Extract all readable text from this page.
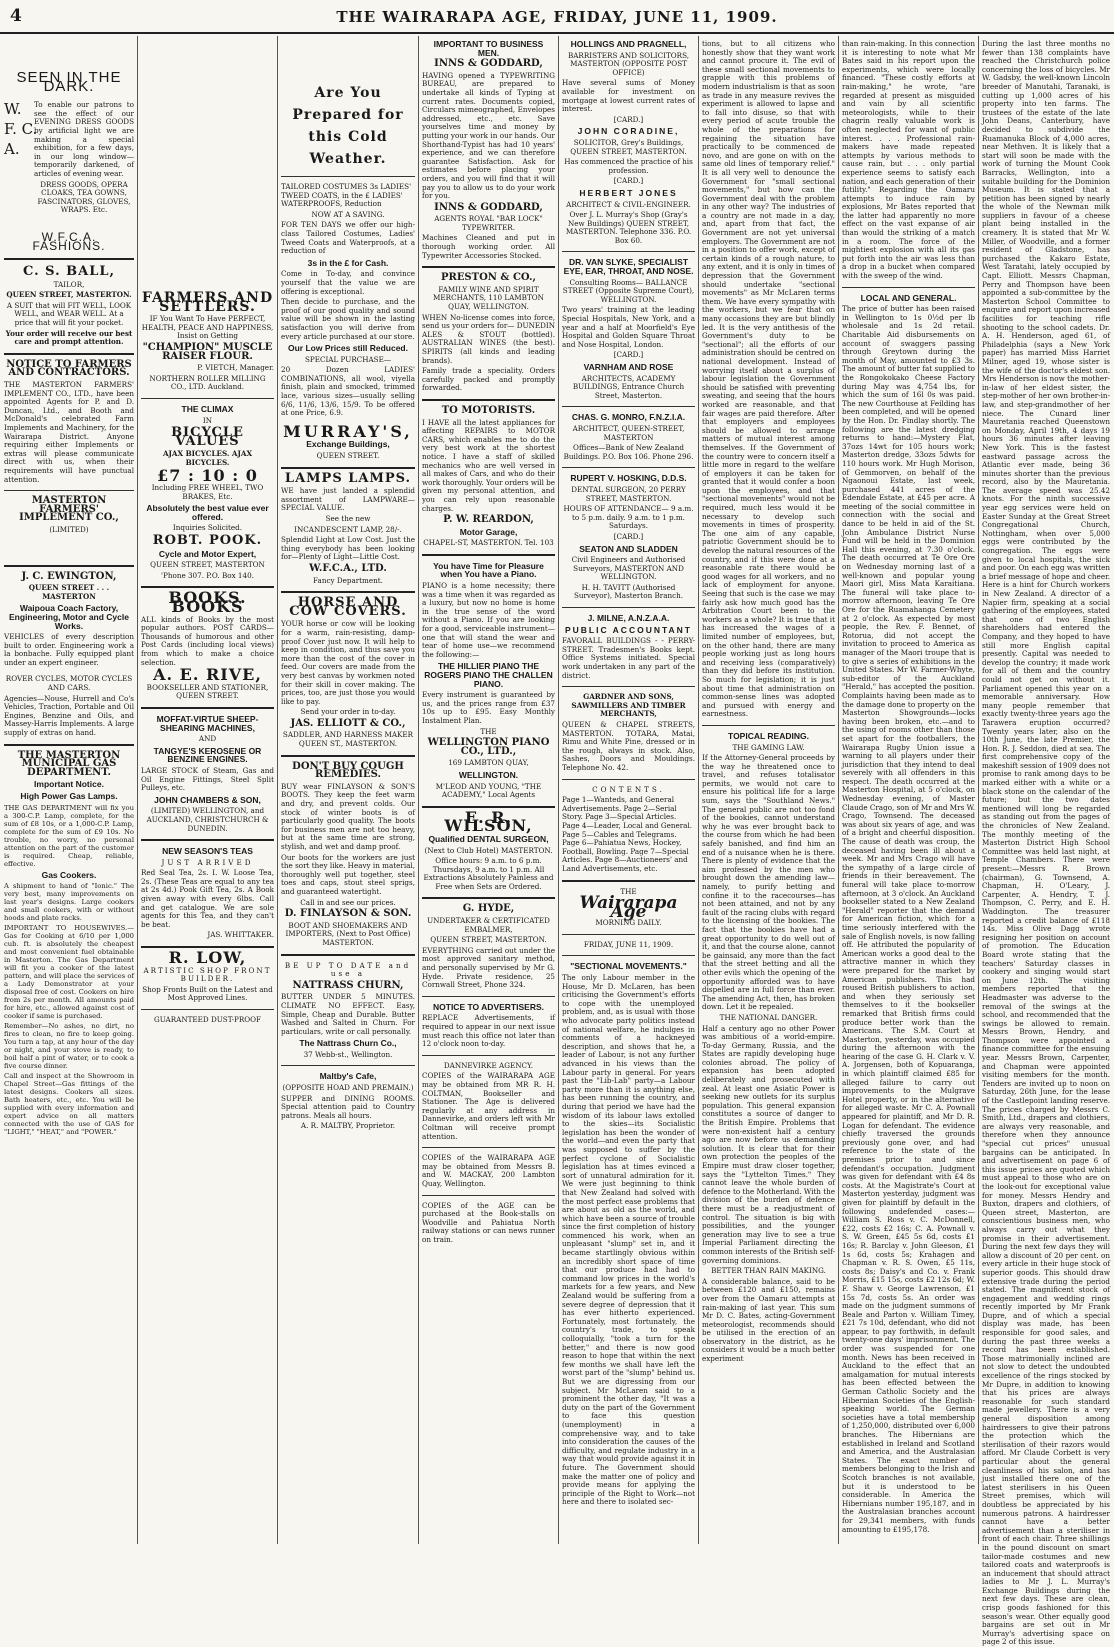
4	THE WAIRARAPA AGE, FRIDAY, JUNE 11, 1909.
SEEN IN THE DARK.
W.
F. C.
A.
To enable our patrons to see the effect of our EVENING DRESS GOODS by artificial light we are making a special exhibition, for a few days, in our long window—temporarily darkened, of articles of evening wear.
DRESS GOODS, OPERA CLOAKS, TEA GOWNS, FASCINATORS, GLOVES, WRAPS. Etc.
W.F.C.A. FASHIONS.
C. S. BALL,
TAILOR,
QUEEN STREET, MASTERTON.
A SUIT that will FIT WELL, LOOK WELL, and WEAR WELL. At a price that will fit your pocket.
Your order will receive our best care and prompt attention.
NOTICE TO FARMERS AND CONTRACTORS.
THE MASTERTON FARMERS' IMPLEMENT CO., LTD., have been appointed Agents for P. and D. Duncan, Ltd., and Booth and McDonald's celebrated Farm Implements and Machinery, for the Wairarapa District. Anyone requiring either Implements or extras will please communicate direct with us, when their requirements will have punctual attention.
MASTERTON FARMERS' IMPLEMENT CO.,
(LIMITED)
J. C. EWINGTON,
QUEEN STREET . . . MASTERTON
Waipoua Coach Factory, Engineering, Motor and Cycle Works.
VEHICLES of every description built to order. Engineering work a la bonbache. Fully equipped plant under an expert engineer.
ROVER CYCLES, MOTOR CYCLES AND CARS.
Agencies—Nouse, Hurrell and Co's Vehicles, Traction, Portable and Oil Engines, Benzine and Oils, and Massey-Harris Implements. A large supply of extras on hand.
THE MASTERTON MUNICIPAL GAS DEPARTMENT.
Important Notice.
High Power Gas Lamps.
THE GAS DEPARTMENT will fix you a 300-C.P. Lamp, complete, for the sum of £8 10s, or a 1,000-C.P. Lamp, complete for the sum of £9 10s. No trouble, no worry, no personal attention on the part of the customer is required. Cheap, reliable, effective.
Gas Cookers.
A shipment to hand of "Ionic." The very best, many improvements on last year's designs. Large cookers and small cookers, with or without hoods and plate racks.
IMPORTANT TO HOUSEWIVES.—Gas for Cooking at 6/10 per 1,000 cub. ft. is absolutely the cheapest and most convenient fuel obtainable in Masterton. The Gas Department will fit you a cooker of the latest pattern, and will place the services of a Lady Demonstrator at your disposal free of cost. Cookers on hire from 2s per month. All amounts paid for hire, etc., allowed against cost of cooker if same is purchased.
Remember—No ashes, no dirt, no fires to clean, no fire to keep going. You turn a tap, at any hour of the day or night, and your stove is ready, to boil half a pint of water, or to cook a five course dinner.
Call and inspect at the Showroom in Chapel Street—Gas fittings of the latest designs. Cookers all sizes. Bath heaters, etc., etc. You will be supplied with every information and expert advice on all matters connected with the use of GAS for "LIGHT," "HEAT," and "POWER."
FARMERS AND SETTLERS.
IF You Want To Have PERFECT, HEALTH, PEACE AND HAPPINESS, Insist on Getting
"CHAMPION" MUSCLE RAISER FLOUR.
P. VIETCH, Manager.
NORTHERN ROLLER MILLING CO., LTD. Auckland.
THE CLIMAX
IN
BICYCLE VALUES
AJAX BICYCLES. AJAX BICYCLES.
£7 : 10 : 0
Including FREE WHEEL, TWO BRAKES, Etc.
Absolutely the best value ever offered.
Inquiries Solicited.
ROBT. POOK.
Cycle and Motor Expert,
QUEEN STREET, MASTERTON
'Phone 307. P.O. Box 140.
BOOKS. BOOKS
ALL kinds of Books by the most popular authors. POST CARDS—Thousands of humorous and other Post Cards (including local views) from which to make a choice selection.
A. E. RIVE,
BOOKSELLER AND STATIONER, QUEEN STREET.
MOFFAT-VIRTUE SHEEP-SHEARING MACHINES,
AND
TANGYE'S KEROSENE OR BENZINE ENGINES.
LARGE STOCK of Steam, Gas and Oil Engine Fittings, Steel Split Pulleys, etc.
JOHN CHAMBERS & SON,
(LIMITED) WELLINGTON, and AUCKLAND, CHRISTCHURCH & DUNEDIN.
NEW SEASON'S TEAS
JUST ARRIVED
Red Seal Tea, 2s. I. W. Loose Tea, 2s. (These Teas are equal to any tea at 2s 4d.) Pook Gift Tea, 2s. A Book given away with every 6lbs. Call and get catalogue. We are sole agents for this Tea, and they can't be beat.
JAS. WHITTAKER.
R. LOW,
ARTISTIC SHOP FRONT BUILDER.
Shop Fronts Built on the Latest and Most Approved Lines.
GUARANTEED DUST-PROOF
Are You Prepared for this Cold Weather.
TAILORED COSTUMES 3s LADIES' TWEED COATS, in the £ LADIES' WATERPROOFS, Reduction
NOW AT A SAVING.
FOR TEN DAYS we offer our high-class Tailored Costumes, Ladies' Tweed Coats and Waterproofs, at a reduction of
3s in the £ for Cash.
Come in To-day, and convince yourself that the value we are offering is exceptional.
Then decide to purchase, and the proof of our good quality and sound value will be shown in the lasting satisfaction you will derive from every article purchased at our store.
Our Low Prices still Reduced.
SPECIAL PURCHASE—
20 Dozen LADIES' COMBINATIONS, all wool, viyella finish, plain and smocked, trimmed lace, various sizes—usually selling 6/6, 11/6, 13/6, 15/9. To be offered at one Price, 6.9.
MURRAY'S,
Exchange Buildings,
QUEEN STREET.
LAMPS LAMPS.
WE have just landed a splendid assortment of LAMPWARE—SPECIAL VALUE.
See the new
INCANDESCENT LAMP, 28/-.
Splendid Light at Low Cost. Just the thing everybody has been looking for—Plenty of Light—Little Cost.
W.F.C.A., LTD.
Fancy Department.
HORSE AND COW COVERS.
YOUR horse or cow will be looking for a warm, rain-resisting, damp-proof Cover just now. It will help to keep in condition, and thus save you more than the cost of the cover in feed. Our covers are made from the very best canvas by workmen noted for their skill in cover making. The prices, too, are just those you would like to pay.
Send your order in to-day.
JAS. ELLIOTT & CO.,
SADDLER, AND HARNESS MAKER QUEEN ST., MASTERTON.
DON'T BUY COUGH REMEDIES.
BUY wear FINLAYSON & SON'S BOOTS. They keep the feet warm and dry, and prevent colds. Our stock of winter boots is of particularly good quality. The boots for business men are not too heavy, but at the same time are strong, stylish, and wet and damp proof.
Our boots for the workers are just the sort they like. Heavy in material, thoroughly well put together, steel toes and caps, stout steel sprigs, and guaranteed watertight.
Call in and see our prices.
D. FINLAYSON & SON.
BOOT AND SHOEMAKERS AND IMPORTERS, (Next to Post Office) MASTERTON.
BE UP TO DATE and use a
NATTRASS CHURN,
BUTTER UNDER 5 MINUTES. CLIMATE NO EFFECT. Easy, Simple, Cheap and Durable. Butter Washed and Salted in Churn. For particulars, write or call personally.
The Nattrass Churn Co.,
37 Webb-st., Wellington.
Maltby's Cafe,
(OPPOSITE HOAD AND PREMAIN.)
SUPPER and DINING ROOMS. Special attention paid to Country patrons. Meals all hours.
A. R. MALTBY, Proprietor.
IMPORTANT TO BUSINESS MEN.
INNS & GODDARD,
HAVING opened a TYPEWRITING BUREAU, are prepared to undertake all kinds of Typing at current rates. Documents copied, Circulars mimeographed, Envelopes addressed, etc., etc. Save yourselves time and money by putting your work in our hands. Our Shorthand-Typist has had 10 years' experience, and we can therefore guarantee Satisfaction. Ask for estimates before placing your orders, and you will find that it will pay you to allow us to do your work for you.
INNS & GODDARD,
AGENTS ROYAL "BAR LOCK" TYPEWRITER.
Machines Cleaned and put in thorough working order. All Typewriter Accessories Stocked.
PRESTON & CO.,
FAMILY WINE AND SPIRIT MERCHANTS, 110 LAMBTON QUAY, WELLINGTON.
WHEN No-license comes into force, send us your orders for— DUNEDIN ALES & STOUT (bottled). AUSTRALIAN WINES (the best). SPIRITS (all kinds and leading brands).
Family trade a speciality. Orders carefully packed and promptly forwarded.
TO MOTORISTS.
I HAVE all the latest appliances for affecting REPAIRS to MOTOR CARS, which enables me to do the very best work at the shortest notice. I have a staff of skilled mechanics who are well versed in all makes of Cars, and who do their work thoroughly. Your orders will be given my personal attention, and you can rely upon reasonable charges.
P. W. REARDON,
Motor Garage,
CHAPEL-ST, MASTERTON. Tel. 103
You have Time for Pleasure when You have a Piano.
PIANO is a home necessity; there was a time when it was regarded as a luxury, but now no home is home in the true sense of the word without a Piano. If you are looking for a good, serviceable instrument—one that will stand the wear and tear of home use—we recommend the following:—
THE HILLIER PIANO THE ROGERS PIANO THE CHALLEN PIANO.
Every instrument is guaranteed by us, and the prices range from £37 10s up to £95. Easy Monthly Instalment Plan.
THE
WELLINGTON PIANO CO., LTD.,
169 LAMBTON QUAY,
WELLINGTON.
M'LEOD AND YOUNG, "THE ACADEMY," Local Agents
E. R. WILSON,
Qualified DENTAL SURGEON,
(Next to Club Hotel) MASTERTON.
Office hours: 9 a.m. to 6 p.m. Thursdays, 9 a.m. to 1 p.m. All Extractions Absolutely Painless and Free when Sets are Ordered.
G. HYDE,
UNDERTAKER & CERTIFICATED EMBALMER,
QUEEN STREET, MASTERTON.
EVERYTHING carried out under the most approved sanitary method, and personally supervised by Mr G. Hyde. Private residence, 25 Cornwall Street, Phone 324.
NOTICE TO ADVERTISERS.
REPLACE Advertisements, if required to appear in our next issue must reach this office not later than 12 o'clock noon to-day.
DANNEVIRKE AGENCY.
COPIES of the WAIRARAPA AGE may be obtained from MR R. H. COLTMAN, Bookseller and Stationer. The Age is delivered regularly at any address in Dannevirke, and orders left with Mr Coltman will receive prompt attention.
COPIES of the WAIRARAPA AGE may be obtained from Messrs B. and W. MACKAY, 200 Lambton Quay, Wellington.
COPIES of the AGE can be purchased at the Book-stalls on Woodville and Pahiatua North railway stations or can news runner on train.
HOLLINGS AND PRAGNELL,
BARRISTERS AND SOLICITORS, MASTERTON (OPPOSITE POST OFFICE)
Have several sums of Money available for investment on mortgage at lowest current rates of interest.
[CARD.]
JOHN CORADINE,
SOLICITOR, Grey's Buildings, QUEEN STREET, MASTERTON.
Has commenced the practice of his profession.
[CARD.]
HERBERT JONES
ARCHITECT & CIVIL-ENGINEER.
Over J. L. Murray's Shop (Gray's New Buildings) QUEEN STREET, MASTERTON. Telephone 336. P.O. Box 60.
DR. VAN SLYKE, SPECIALIST EYE, EAR, THROAT, AND NOSE.
Consulting Rooms— BALLANCE STREET (Opposite Supreme Court), WELLINGTON.
Two years' training at the leading Special Hospitals, New York, and a year and a half at Moorfield's Eye Hospital and Golden Square Throat and Nose Hospital, London.
[CARD.]
VARNHAM AND ROSE
ARCHITECTS, ACADEMY BUILDINGS, Entrance Church Street, Masterton.
CHAS. G. MONRO, F.N.Z.I.A.
ARCHITECT, QUEEN-STREET, MASTERTON
Offices—Bank of New Zealand Buildings. P.O. Box 106. Phone 296.
RUPERT V. HOSKING, D.D.S.
DENTAL SURGEON, 20 PERRY STREET, MASTERTON.
HOURS OF ATTENDANCE— 9 a.m. to 5 p.m. daily. 9 a.m. to 1 p.m. Saturdays.
[CARD.]
SEATON AND SLADDEN
Civil Engineers and Authorised Surveyors, MASTERTON AND WELLINGTON.
H. H. TAVITT (Authorised Surveyor), Masterton Branch.
J. MILNE, A.N.Z.A.A.
PUBLIC ACCOUNTANT
FAVORALL BUILDINGS - - PERRY-STREET. Tradesmen's Books kept. Office Systems initiated. Special work undertaken in any part of the district.
GARDNER AND SONS, SAWMILLERS AND TIMBER MERCHANTS,
QUEEN & CHAPEL STREETS, MASTERTON. TOTARA, Matai, Rimu and White Pine, dressed or in the rough, always in stock. Also, Sashes, Doors and Mouldings. Telephone No. 42.
CONTENTS.
Page 1—Wanteds, and General Advertisements. Page 2—Serial Story. Page 3—Special Articles. Page 4—Leader, Local and General. Page 5—Cables and Telegrams. Page 6—Pahiatua News, Hockey, Football, Bowling. Page 7—Special Articles. Page 8—Auctioneers' and Land Advertisements, etc.
THE
Wairarapa Age
MORNING DAILY.
FRIDAY, JUNE 11, 1909.
"SECTIONAL MOVEMENTS."
The only Labour member in the House, Mr D. McLaren, has been criticising the Government's efforts to cope with the unemployed problem, and, as is usual with those who advocate party politics instead of national welfare, he indulges in comments of a hackneyed description, and shows that he, a leader of Labour, is not any further advanced in his views than the Labour party in general. For years past the "Lib-Lab" party—a Labour party more than it is anything else, has been running the country, and during that period we have had the wisdom of its labour laws extolled to the skies—its Socialistic legislation has been the wonder of the world—and even the party that was supposed to suffer by the perfect cyclone of Socialistic legislation has at times evinced a sort of unnatural admiration for it. We were just beginning to think that New Zealand had solved with the most perfect ease problems that are about as old as the world, and which have been a source of trouble since the first completion of history commenced his work, when an unpleasant "slump" set in, and it became startlingly obvious within an incredibly short space of time that our produce had had to command low prices in the world's markets for a few years, and New Zealand would be suffering from a severe degree of depression that it has ever hitherto experienced. Fortunately, most fortunately, the country's trade, to speak colloquially, "took a turn for the better," and there is now good reason to hope that within the next few months we shall have left the worst part of the "slump" behind us. But we are digressing from our subject. Mr McLaren said to a prominent the other day, "It was a duty on the part of the Government to face this question (unemployment) in a comprehensive way, and to take into consideration the causes of the difficulty, and regulate industry in a way that would provide against it in future. The Government should make the matter one of policy and provide means for applying the principle of the Right to Work—not here and there to isolated sec-
tions, but to all citizens who honestly show that they want work and cannot procure it. The evil of these small sectional movements to grapple with this problems of modern industrialism is that as soon as trade in any measure revives the experiment is allowed to lapse and to fall into disuse, so that with every period of acute trouble the whole of the preparations for regaining the situation have practically to be commenced de novo, and are gone on with on the same old lines of temporary relief." It is all very well to denounce the Government for "small sectional movements," but how can the Government deal with the problem in any other way? The industries of a country are not made in a day, and, apart from that fact, the Government are not yet universal employers. The Government are not in a position to offer work, except of certain kinds of a rough nature, to any extent, and it is only in times of depression that the Government should undertake "sectional movements" as Mr McLaren terms them. We have every sympathy with the workers, but we fear that on many occasions they are but blindly led. It is the very antithesis of the Government's duty to be "sectional"; all the efforts of our administration should be centred on national development. Instead of worrying itself about a surplus of labour legislation the Government should be satisfied with preventing sweating, and seeing that the hours worked are reasonable, and that fair wages are paid therefore. After that employers and employees should be allowed to arrange matters of mutual interest among themselves. If the Government of the country were to concern itself a little more in regard to the welfare of employers it can be taken for granted that it would confer a boon upon the employees, and that "sectional movements" would not be required, much less would it be necessary to develop such movements in times of prosperity. The one aim of any capable, patriotic Government should be to develop the natural resources of the country, and if this were done at a reasonable rate there would be good wages for all workers, and no lack of employment for anyone. Seeing that such is the case we may fairly ask how much good has the Arbitration Court been to the workers as a whole? It is true that it has increased the wages of a limited number of employees, but, on the other hand, there are many people working just as long hours and receiving less (comparatively) than they did before its institution. So much for legislation; it is just about time that administration on common-sense lines was adopted and pursued with energy and earnestness.
TOPICAL READING.
THE GAMING LAW.
If the Attorney-General proceeds by the way he threatened once to travel, and refuses totalisator permits, we would not care to ensure his political life for a large sum, says the "Southland News." The general public are not too fond of the bookies, cannot understand why he was ever brought back to the course from which he had been safely banished, and find him an end of a nuisance when he is there. There is plenty of evidence that the aim professed by the men who brought down the amending law—namely, to purify betting and confine it to the racecourses—has not been attained, and not by any fault of the racing clubs with regard to the licensing of the bookies. The fact that the bookies have had a great opportunity to do well out of it, and that the course alone, cannot be gainsaid, any more than the fact that the street betting and all the other evils which the opening of the opportunity afforded was to have dispelled are in full force than ever. The amending Act, then, has broken down. Let it be repealed.
THE NATIONAL DANGER.
Half a century ago no other Power was ambitious of a world-empire. To-day Germany, Russia, and the States are rapidly developing huge colonies abroad. The policy of expansion has been adopted deliberately and prosecuted with zeal. At least one Asiatic Power is seeking new outlets for its surplus population. This general expansion constitutes a source of danger to the British Empire. Problems that were non-existent half a century ago are now before us demanding solution. It is clear that for their own protection the peoples of the Empire must draw closer together, says the "Lyttelton Times." They cannot leave the whole burden of defence to the Motherland. With the division of the burden of defence there must be a readjustment of control. The situation is big with possibilities, and the younger generation may live to see a true Imperial Parliament directing the common interests of the British self-governing dominions.
BETTER THAN RAIN MAKING.
A considerable balance, said to be between £120 and £150, remains over from the Oamaru attempts at rain-making of last year. This sum Mr D. C. Bates, acting-Government meteorologist, recommends should be utilised in the erection of an observatory in the district, as he considers it would be a much better experiment
than rain-making. In this connection it is interesting to note what Mr Bates said in his report upon the experiments, which were locally financed. "These costly efforts at rain-making," he wrote, "are regarded at present as misguided and vain by all scientific meteorologists, while to their chagrin really valuable work is often neglected for want of public interest. . . . Professional rain-makers have made repeated attempts by various methods to cause rain, but . . . only partial experience seems to satisfy each nation, and each generation of their futility." Regarding the Oamaru attempts to induce rain by explosions, Mr Bates reported that the latter had apparently no more effect on the vast expanse of air than would the striking of a match in a room. The force of the mightiest explosion with all its gas put forth into the air was less than a drop in a bucket when compared with the sweep of the wind.
LOCAL AND GENERAL.
The price of butter has been raised in Wellington to 1s 0½d per lb wholesale and 1s 2d retail. Charitable Aid disbursements on account of swaggers passing through Greytown during the month of May, amounted to £3 3s. The amount of butter fat supplied to the Rongokokako Cheese Factory during May was 4,754 lbs, for which the sum of 16l 0s was paid. The new Courthouse at Feilding has been completed, and will be opened by the Hon. Dr. Findlay shortly. The following are the latest dredging returns to hand:—Mystery Flat, 37ozs 14wt for 105 hours work; Masterton dredge, 33ozs 5dwts for 110 hours work. Mr Hugh Morison, of Gemmorven, on behalf of the Ngaonoui Estate, last week, purchased 441 acres of the Edendale Estate, at £45 per acre. A meeting of the social committee in connection with the social and dance to be held in aid of the St. John Ambulance District Nurse Fund will be held in the Dominion Hall this evening, at 7.30 o'clock. The death occurred at Te Ore Ore on Wednesday morning last of a well-known and popular young Maori girl, Miss Mata Karaitiana. The funeral will take place to-morrow afternoon, leaving Te Ore Ore for the Ruamahanga Cemetery at 2 o'clock. As expected by most people, the Rev. F. Bennet, of Rotorua, did not accept the invitation to proceed to America as manager of the Maori troupe that is to give a series of exhibitions in the United States. Mr W. Farmer-Whyte, sub-editor of the Auckland "Herald," has accepted the position. Complaints having been made as to the damage done to property on the Masterton Showgrounds—locks having been broken, etc.—and to the using of rooms other than those set apart for the footballers, the Wairarapa Rugby Union issue a warning to all players under their jurisdiction that they intend to deal severely with all offenders in this respect. The death occurred at the Masterton Hospital, at 5 o'clock, on Wednesday evening, of Master Claude Crago, son of Mr and Mrs W. Crago, Townsend. The deceased was about six years of age, and was of a bright and cheerful disposition. The cause of death was croup, the deceased having been ill about a week. Mr and Mrs Crago will have the sympathy of a large circle of friends in their bereavement. The funeral will take place to-morrow afternoon, at 3 o'clock. An Auckland bookseller stated to a New Zealand "Herald" reporter that the demand for American fiction, which for a time seriously interfered with the sale of English novels, is now falling off. He attributed the popularity of American works a good deal to the attractive manner in which they were prepared for the market by American publishers. This had roused British publishers to action, and when they seriously set themselves to it the bookseller remarked that British firms could produce better work than the Americans. The S.M. Court at Masterton, yesterday, was occupied during the afternoon with the hearing of the case G. H. Clark v. V. A. Jorgensen, both of Kopuaranga, in which plaintiff claimed £85 for alleged failure to carry out improvements to the Mulgrave Hotel property, or in the alternative for alleged waste. Mr C. A. Pownall appeared for plaintiff, and Mr D. R. Logan for defendant. The evidence chiefly traversed the grounds previously gone over, and had reference to the state of the premises prior to and since defendant's occupation. Judgment was given for defendant with £4 8s costs. At the Magistrate's Court at Masterton yesterday, judgment was given for plaintiff by default in the following undefended cases:—William S. Ross v. C. McDonnell, £22, costs £2 16s; C. A. Pownall v. S. W. Green, £45 5s 6d, costs £1 16s; R. Barclay v. John Gleeson, £1 1s 6d, costs 5s; Krahagen and Chapman v. R. S. Owen, £5 11s, costs 8s; Daisy's and Co. v. Frank Morris, £15 15s, costs £2 12s 6d; W. F. Shaw v. George Lawrenson, £1 15s 7d, costs 5s. An order was made on the judgment summons of Beale and Parton v. William Timey, £21 7s 10d, defendant, who did not appear, to pay forthwith, in default twenty-one days' imprisonment. The order was suspended for one month. News has been received in Auckland to the effect that an amalgamation for mutual interests has been effected between the German Catholic Society and the Hibernian Societies of the English-speaking world. The German societies have a total membership of 1,250,000, distributed over 6,000 branches. The Hibernians are established in Ireland and Scotland and America, and the Australasian States. The exact number of members belonging to the Irish and Scotch branches is not available, but it is understood to be considerable. In America the Hibernians number 195,187, and in the Australasian branches account for 29,341 members, with funds amounting to £195,178.
During the last three months no fewer than 138 complaints have reached the Christchurch police concerning the loss of bicycles. Mr W. Gadsby, the well-known Lincoln breeder of Manutahi, Taranaki, is cutting up 1,000 acres of his property into ten farms. The trustees of the estate of the late John Deans, Canterbury, have decided to subdivide the Ruamanuka Block of 4,000 acres, near Methven. It is likely that a start will soon be made with the work of turning the Mount Cook Barracks, Wellington, into a suitable building for the Dominion Museum. It is stated that a petition has been signed by nearly the whole of the Newman milk suppliers in favour of a cheese plant being installed in the creamery. It is stated that Mr W. Miller, of Woodville, and a former resident of Gladstone, has purchased the Kakaro Estate, West Taratahi, lately occupied by Capt. Elliott. Messrs Chapman, Perry and Thompson have been appointed a sub-committee by the Masterton School Committee to enquire and report upon increased facilities for teaching rifle shooting to the school cadets. Dr. A. H. Henderson, aged 61, of Philadelphia (says a New York paper) has married Miss Harriet Milner, aged 19, whose sister is the wife of the doctor's eldest son. Mrs Henderson is now the mother-in-law of her eldest sister, the step-mother of her own brother-in-law, and step-grandmother of her niece. The Cunard liner Mauretania reached Queenstown on Monday, April 19th, 4 days 19 hours 36 minutes after leaving New York. This is the fastest eastward passage across the Atlantic ever made, being 36 minutes shorter than the previous record, also by the Mauretania. The average speed was 25.42 knots. For the ninth successive year egg services were held on Easter Sunday at the Great Street Congregational Church, Nottingham, when over 5,000 eggs were contributed by the congregation. The eggs were given to local hospitals, the sick and poor. On each egg was written a brief message of hope and cheer. Here is a hint for Church workers in New Zealand. A director of a Napier firm, speaking at a social gathering of the employees, stated that one of two English shareholders had entered the Company, and they hoped to have still more English capital presently. Capital was needed to develop the country; it made work for all of them and the country could not get on without it. Parliament opened this year on a memorable anniversary. How many people remember that exactly twenty-three years ago the Tarawera eruption occurred? Twenty years later, also on the 10th June, the late Premier, the Hon. R. J. Seddon, died at sea. The first comprehensive copy of the makeshift session of 1909 does not promise to rank among days to be marked either with a white or a black stone on the calendar of the future; but the two dates mentioned will long be regarded as standing out from the pages of the chronicles of New Zealand. The monthly meeting of the Masterton District High School Committee was held last night, at Temple Chambers. There were present:—Messrs R. Brown (chairman), G. Townsend, A. Chapman, H. O'Leary, J. Carpenter, A. Hendry, T. J. Thompson, C. Perry, and E. H. Waddington. The treasurer reported a credit balance of £118 14s. Miss Olive Dagg wrote resigning her position on account of promotion. The Education Board wrote stating that the teachers' Saturday classes in cookery and singing would start on June 12th. The visiting members reported that the Headmaster was adverse to the removal of the swings at the school, and recommended that the swings be allowed to remain. Messrs Brown, Hendry, and Thompson were appointed a finance committee for the ensuing year. Messrs Brown, Carpenter, and Chapman were appointed visiting members for the month. Tenders are invited up to noon on Saturday, 26th June, for the lease of the Castlepoint landing reserve. The prices charged by Messrs C. Smith, Ltd., drapers and clothiers, are always very reasonable, and therefore when they announce "special cut prices" unusual bargains can be anticipated. In and advertisement on page 6 of this issue prices are quoted which must appeal to those who are on the look-out for exceptional value for money. Messrs Hendry and Buxton, drapers and clothiers, of Queen street, Masterton, are conscientious business men, who always carry out what they promise in their advertisement. During the next few days they will allow a discount of 20 per cent. on every article in their huge stock of superior goods. This should draw extensive trade during the period stated. The magnificent stock of engagement and wedding rings recently imported by Mr Frank Dupre, and of which a special display was made, has been responsible for good sales, and during the past three weeks a record has been established. Those matrimonially inclined are not slow to detect the undoubted excellence of the rings stocked by Mr Dupre, in addition to knowing that his prices are always reasonable for such standard made jewellery. There is a very general disposition among hairdressers to give their patrons the protection which the sterilisation of their razors would afford. Mr Claude Corbett is very particular about the general cleanliness of his salon, and has just installed there one of the latest sterilisers in his Queen Street premises, which will doubtless be appreciated by his numerous patrons. A hairdresser cannot have a better advertisement than a steriliser in front of each chair. Three shillings in the pound discount on smart tailor-made costumes and new tailored coats and waterproofs is an inducement that should attract ladies to Mr J. L. Murray's Exchange Buildings during the next few days. These are clean, crisp goods fashioned for this season's wear. Other equally good bargains are set out in Mr Murray's advertising space on page 2 of this issue.
